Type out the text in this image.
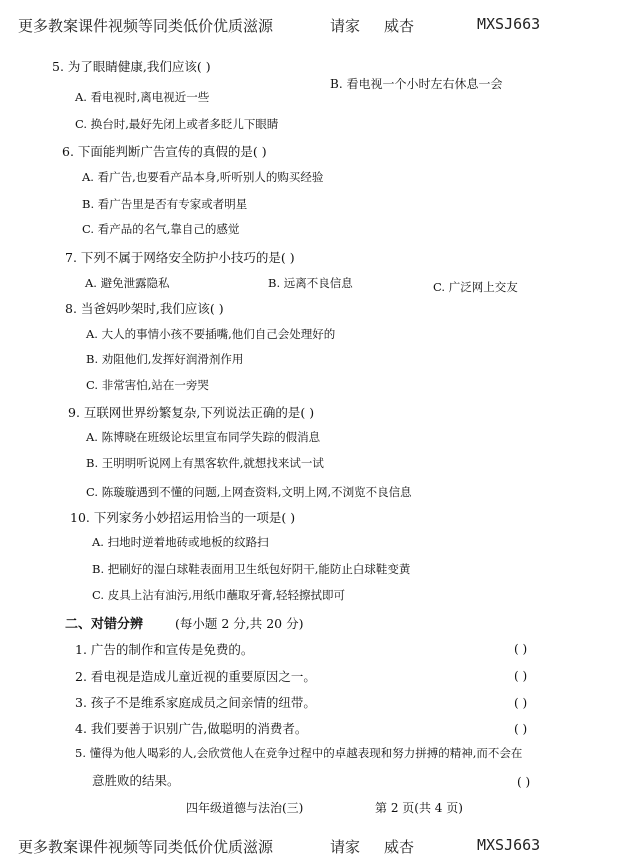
更多教案课件视频等同类低价优质滋源	请家 威杏	MXSJ663
5. 为了眼睛健康,我们应该( )
A. 看电视时,离电视近一些
B. 看电视一个小时左右休息一会
C. 换台时,最好先闭上或者多眨儿下眼睛
6. 下面能判断广告宣传的真假的是( )
A. 看广告,也要看产品本身,听听别人的购买经验
B. 看广告里是否有专家或者明星
C. 看产品的名气,靠自己的感觉
7. 下列不属于网络安全防护小技巧的是( )
A. 避免泄露隐私	B. 远离不良信息	C. 广泛网上交友
8. 当爸妈吵架时,我们应该( )
A. 大人的事情小孩不要插嘴,他们自己会处理好的
B. 劝阻他们,发挥好润滑剂作用
C. 非常害怕,站在一旁哭
9. 互联网世界纷繁复杂,下列说法正确的是( )
A. 陈博晓在班级论坛里宣布同学失踪的假消息
B. 王明明听说网上有黑客软件,就想找来试一试
C. 陈璇璇遇到不懂的问题,上网查资料,文明上网,不浏览不良信息
10. 下列家务小妙招运用恰当的一项是( )
A. 扫地时逆着地砖或地板的纹路扫
B. 把刷好的湿白球鞋表面用卫生纸包好阴干,能防止白球鞋变黄
C. 皮具上沾有油污,用纸巾蘸取牙膏,轻轻擦拭即可
二、对错分辨	(每小题 2 分,共 20 分)
1. 广告的制作和宣传是免费的。	( )
2. 看电视是造成儿童近视的重要原因之一。	( )
3. 孩子不是维系家庭成员之间亲情的纽带。	( )
4. 我们要善于识别广告,做聪明的消费者。	( )
5. 懂得为他人喝彩的人,会欣赏他人在竞争过程中的卓越表现和努力拼搏的精神,而不会在
意胜败的结果。	( )
四年级道德与法治(三)	第 2 页(共 4 页)
更多教案课件视频等同类低价优质滋源	请家 威杏	MXSJ663
